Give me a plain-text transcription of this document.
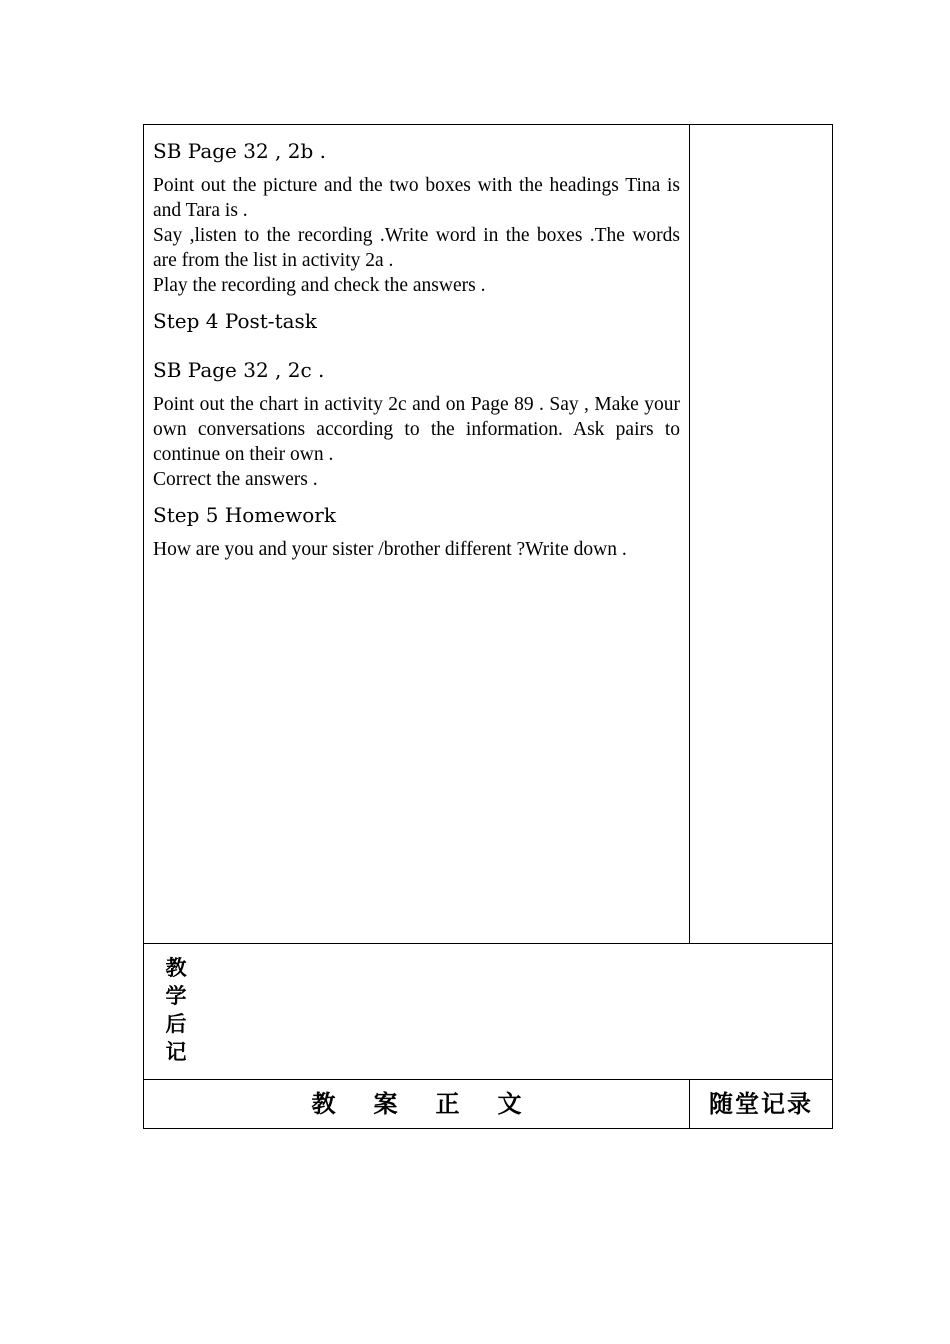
SB Page 32 , 2b .
Point out the picture and the two boxes with the headings Tina is and Tara is .
Say ,listen to the recording .Write word in the boxes .The words are from the list in activity 2a .
Play the recording and check the answers .
Step 4 Post-task
SB Page 32 , 2c .
Point out the chart in activity 2c and on Page 89 . Say , Make your own conversations according to the information. Ask pairs to continue on their own .
Correct the answers .
Step 5 Homework
How are you and your sister /brother different ?Write down .
教
学
后
记
教案正文	随堂记录
